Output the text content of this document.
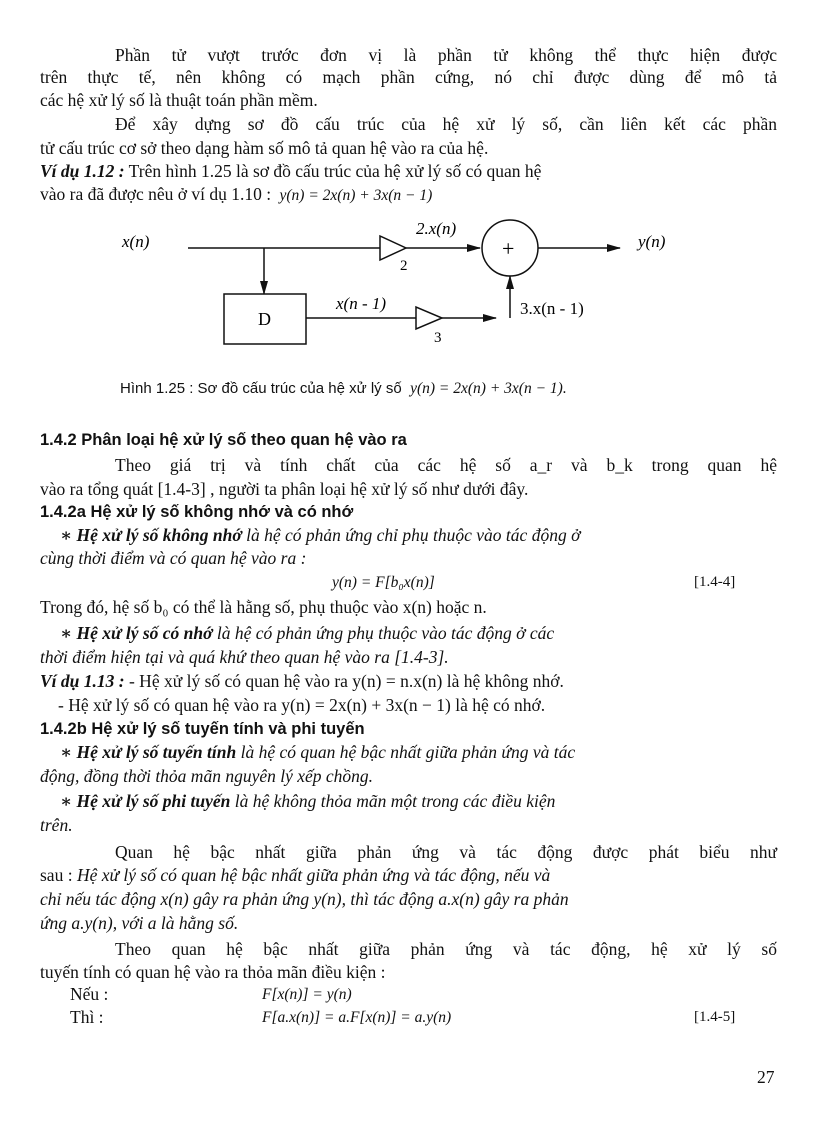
Phần tử vượt trước đơn vị là phần tử không thể thực hiện được
trên thực tế, nên không có mạch phần cứng, nó chỉ được dùng để mô tả
các hệ xử lý số là thuật toán phần mềm.
Để xây dựng sơ đồ cấu trúc của hệ xử lý số, cần liên kết các phần
tử cấu trúc cơ sở theo dạng hàm số mô tả quan hệ vào ra của hệ.
Ví dụ 1.12 : Trên hình 1.25 là sơ đồ cấu trúc của hệ xử lý số có quan hệ
vào ra đã được nêu ở ví dụ 1.10 : y(n) = 2x(n) + 3x(n − 1)
x(n)
2
2.x(n)
+	y(n)
D
x(n - 1)
3
3.x(n - 1)
Hình 1.25 : Sơ đồ cấu trúc của hệ xử lý số y(n) = 2x(n) + 3x(n − 1).
1.4.2 Phân loại hệ xử lý số theo quan hệ vào ra
Theo giá trị và tính chất của các hệ số a_r và b_k trong quan hệ
vào ra tổng quát [1.4-3] , người ta phân loại hệ xử lý số như dưới đây.
1.4.2a Hệ xử lý số không nhớ và có nhớ
∗ Hệ xử lý số không nhớ là hệ có phản ứng chỉ phụ thuộc vào tác động ở
cùng thời điểm và có quan hệ vào ra :
y(n) = F[b₀x(n)]	[1.4-4]
Trong đó, hệ số b₀ có thể là hằng số, phụ thuộc vào x(n) hoặc n.
∗ Hệ xử lý số có nhớ là hệ có phản ứng phụ thuộc vào tác động ở các
thời điểm hiện tại và quá khứ theo quan hệ vào ra [1.4-3].
Ví dụ 1.13 : - Hệ xử lý số có quan hệ vào ra y(n) = n.x(n) là hệ không nhớ.
- Hệ xử lý số có quan hệ vào ra y(n) = 2x(n) + 3x(n − 1) là hệ có nhớ.
1.4.2b Hệ xử lý số tuyến tính và phi tuyến
∗ Hệ xử lý số tuyến tính là hệ có quan hệ bậc nhất giữa phản ứng và tác
động, đồng thời thỏa mãn nguyên lý xếp chồng.
∗ Hệ xử lý số phi tuyến là hệ không thỏa mãn một trong các điều kiện
trên.
Quan hệ bậc nhất giữa phản ứng và tác động được phát biểu như
sau : Hệ xử lý số có quan hệ bậc nhất giữa phản ứng và tác động, nếu và
chỉ nếu tác động x(n) gây ra phản ứng y(n), thì tác động a.x(n) gây ra phản
ứng a.y(n), với a là hằng số.
Theo quan hệ bậc nhất giữa phản ứng và tác động, hệ xử lý số
tuyến tính có quan hệ vào ra thỏa mãn điều kiện :
Nếu :	F[x(n)] = y(n)
Thì :	F[a.x(n)] = a.F[x(n)] = a.y(n)	[1.4-5]
27
